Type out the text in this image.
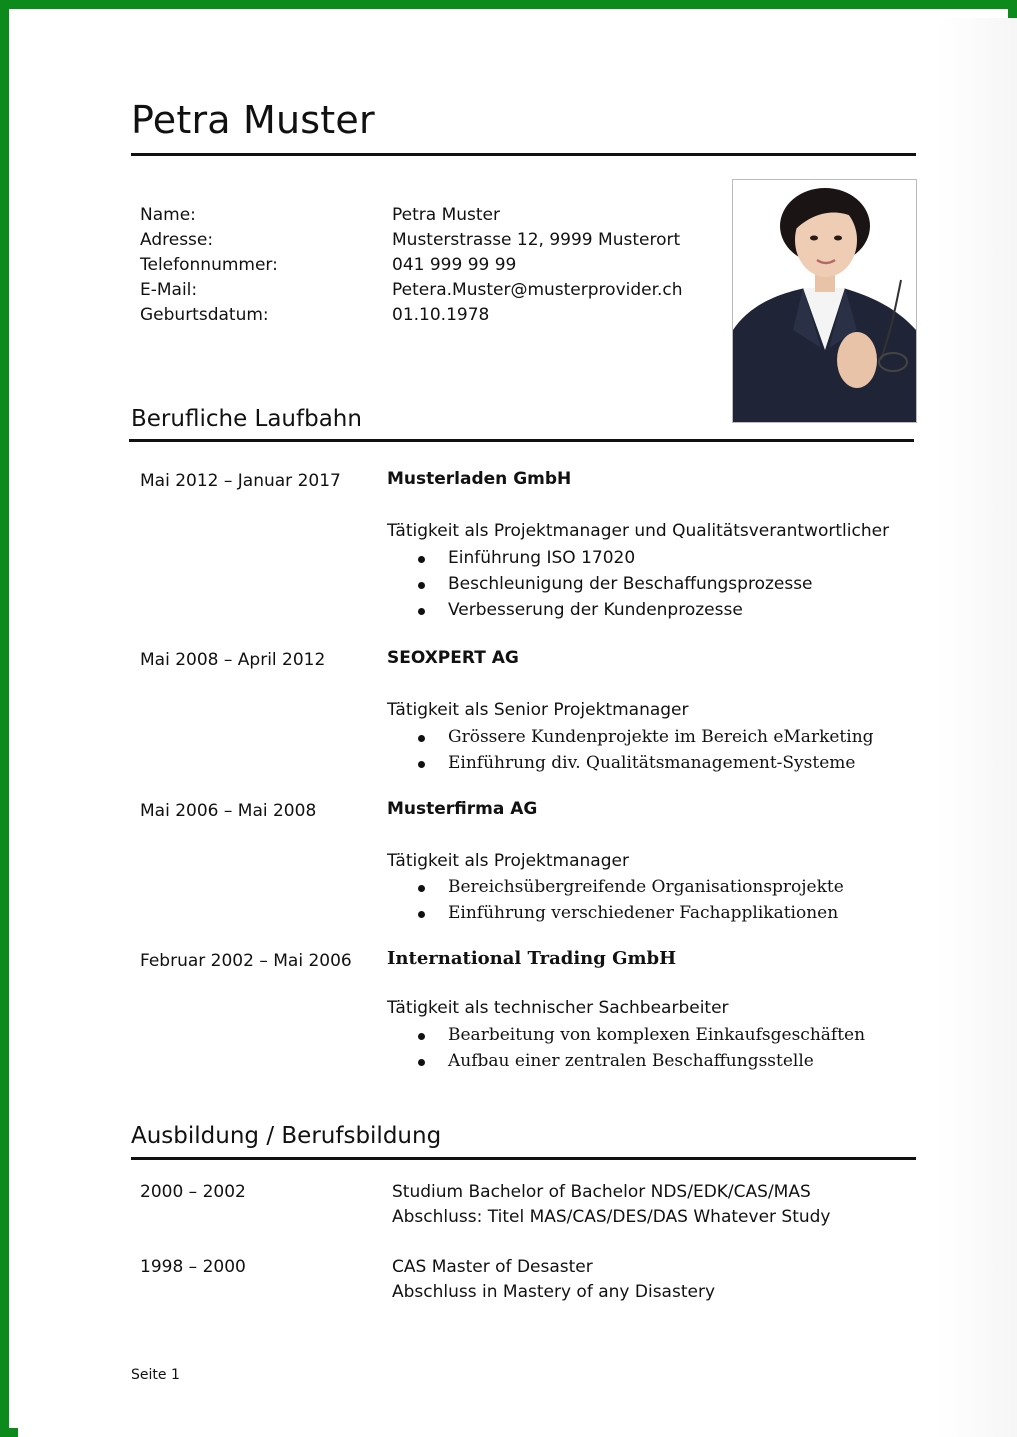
Petra Muster
Name:	Petra Muster
Adresse:	Musterstrasse 12, 9999 Musterort
Telefonnummer:	041 999 99 99
E-Mail:	Petera.Muster@musterprovider.ch
Geburtsdatum:	01.10.1978
Berufliche Laufbahn
Mai 2012 – Januar 2017	Musterladen GmbH
Tätigkeit als Projektmanager und Qualitätsverantwortlicher
Einführung ISO 17020
Beschleunigung der Beschaffungsprozesse
Verbesserung der Kundenprozesse
Mai 2008 – April 2012	SEOXPERT AG
Tätigkeit als Senior Projektmanager
Grössere Kundenprojekte im Bereich eMarketing
Einführung div. Qualitätsmanagement-Systeme
Mai 2006 – Mai 2008	Musterfirma AG
Tätigkeit als Projektmanager
Bereichsübergreifende Organisationsprojekte
Einführung verschiedener Fachapplikationen
Februar 2002 – Mai 2006 International Trading GmbH
Tätigkeit als technischer Sachbearbeiter
Bearbeitung von komplexen Einkaufsgeschäften
Aufbau einer zentralen Beschaffungsstelle
Ausbildung / Berufsbildung
2000 – 2002	Studium Bachelor of Bachelor NDS/EDK/CAS/MAS
Abschluss: Titel MAS/CAS/DES/DAS Whatever Study
1998 – 2000	CAS Master of Desaster
Abschluss in Mastery of any Disastery
Seite 1
